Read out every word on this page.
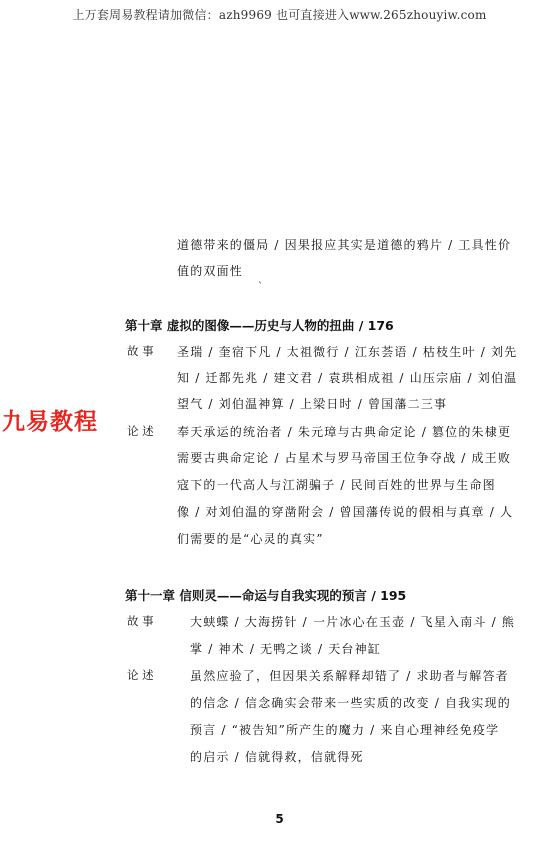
上万套周易教程请加微信：azh9969 也可直接进入www.265zhouyiw.com
道德带来的僵局 / 因果报应其实是道德的鸦片 / 工具性价
值的双面性
`
第十章 虚拟的图像——历史与人物的扭曲 / 176
故 事 圣瑞 / 奎宿下凡 / 太祖微行 / 江东荟语 / 枯枝生叶 / 刘先
知 / 迁都先兆 / 建文君 / 袁珙相成祖 / 山压宗庙 / 刘伯温
望气 / 刘伯温神算 / 上梁日时 / 曾国藩二三事
论 述 奉天承运的统治者 / 朱元璋与古典命定论 / 篡位的朱棣更
需要古典命定论 / 占星术与罗马帝国王位争夺战 / 成王败
寇下的一代高人与江湖骗子 / 民间百姓的世界与生命图
像 / 对刘伯温的穿凿附会 / 曾国藩传说的假相与真章 / 人
们需要的是“心灵的真实”
第十一章 信则灵——命运与自我实现的预言 / 195
故 事	大蛱蝶 / 大海捞针 / 一片冰心在玉壶 / 飞星入南斗 / 熊
掌 / 神术 / 无鸭之谈 / 天台神缸
论 述	虽然应验了，但因果关系解释却错了 / 求助者与解答者
的信念 / 信念确实会带来一些实质的改变 / 自我实现的
预言 / “被告知”所产生的魔力 / 来自心理神经免疫学
的启示 / 信就得救，信就得死
九易教程
5
